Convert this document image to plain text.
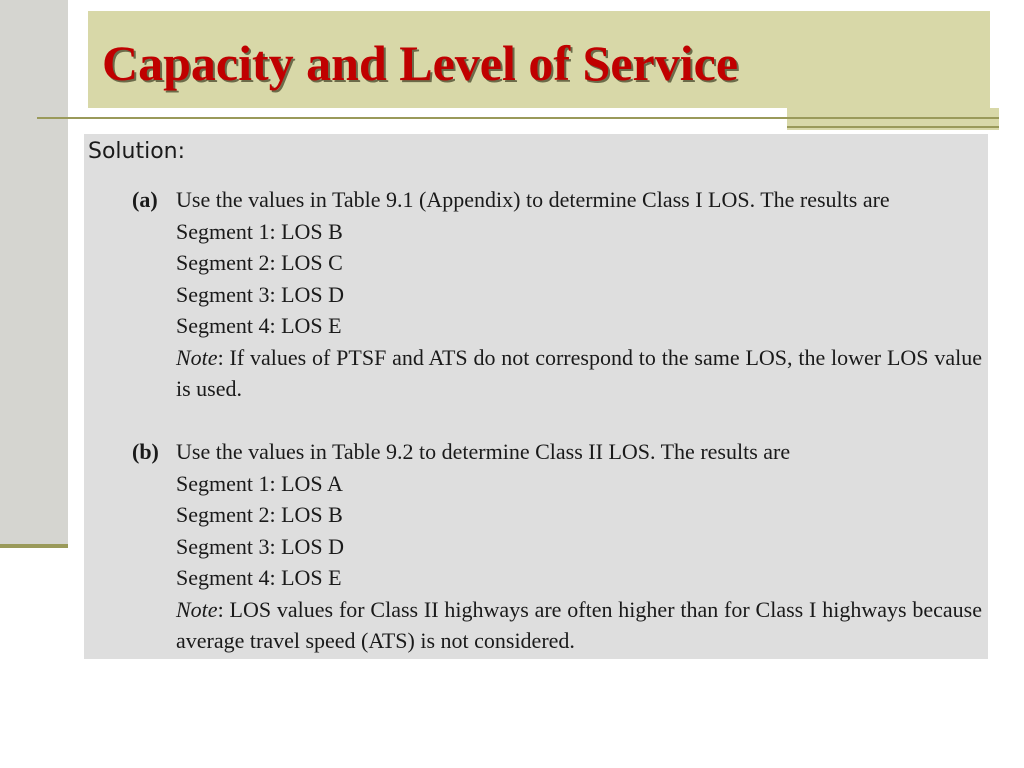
Capacity and Level of Service
Solution:
(a) Use the values in Table 9.1 (Appendix) to determine Class I LOS. The results are
Segment 1: LOS B
Segment 2: LOS C
Segment 3: LOS D
Segment 4: LOS E
Note: If values of PTSF and ATS do not correspond to the same LOS, the lower LOS value is used.
(b) Use the values in Table 9.2 to determine Class II LOS. The results are
Segment 1: LOS A
Segment 2: LOS B
Segment 3: LOS D
Segment 4: LOS E
Note: LOS values for Class II highways are often higher than for Class I highways because average travel speed (ATS) is not considered.
